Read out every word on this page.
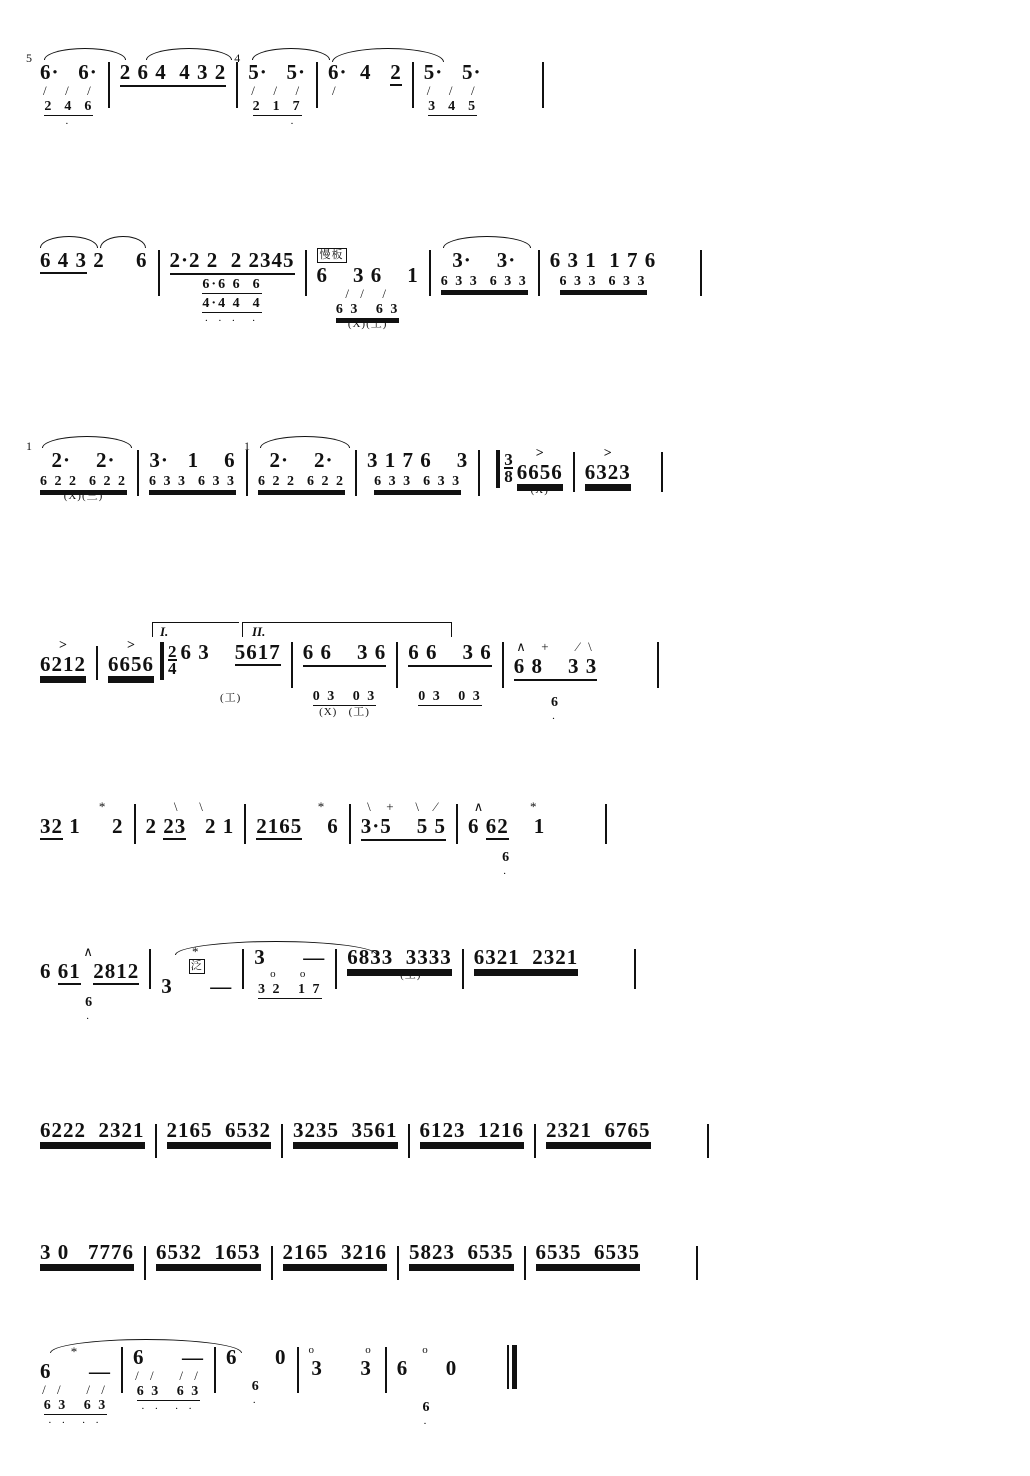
5
6·   6·
/  /  /
2  4  6
.
2 6 4  4 3 2
4
5·   5·
/  /  /
2  1  7
.
6·  4   2
/
5·   5·
/  /  /
3  4  5
6 4 3 2     6 2·2 2  2 2345
6·6 6  6
4·4 4  4
. . .  .
慢板
6    3 6    1
/ /  /
6 3   6 3
(X)(工)
3·    3·
6 3 3  6 3 3
6 3 1  1 7 6
6 3 3  6 3 3
1
2·    2·
6 2 2  6 2 2
(X)(三)
3·   1    6
6 3 3  6 3 3
1
2·    2·
6 2 2  6 2 2
3 1 7 6    3
6 3 3  6 3 3
3
8
>
6656
(X)
>
6323
I.	II.
>
6212
>
6656
2
4
6 3    5617
(工)
6 6    3 6
0 3   0 3
(X)   (工)
6 6    3 6
0 3   0 3
∧  +    ⁄ \
6 8    3 3
6
.
*
32 1     2
\   \
2 23   2 1
*
2165    6
\  +   \  ⁄
3·5    5 5
∧       *
6 62    1
6
.
∧
6 61 2812
6
.
*
泛
3      —
3      —
o   o
3 2   1 7
6833  3333
(工)
6321  2321
6222  2321 2165  6532 3235  3561 6123  1216 2321  6765
3 0   7776 6532  1653 2165  3216 5823  6535 6535  6535
*
6      —
/ /   / /
6 3   6 3
. .  . .
6      —
/ /   / /
6 3   6 3
. .  . .
6      0
6
.
o       o
3      3
o
6      0
6
.
